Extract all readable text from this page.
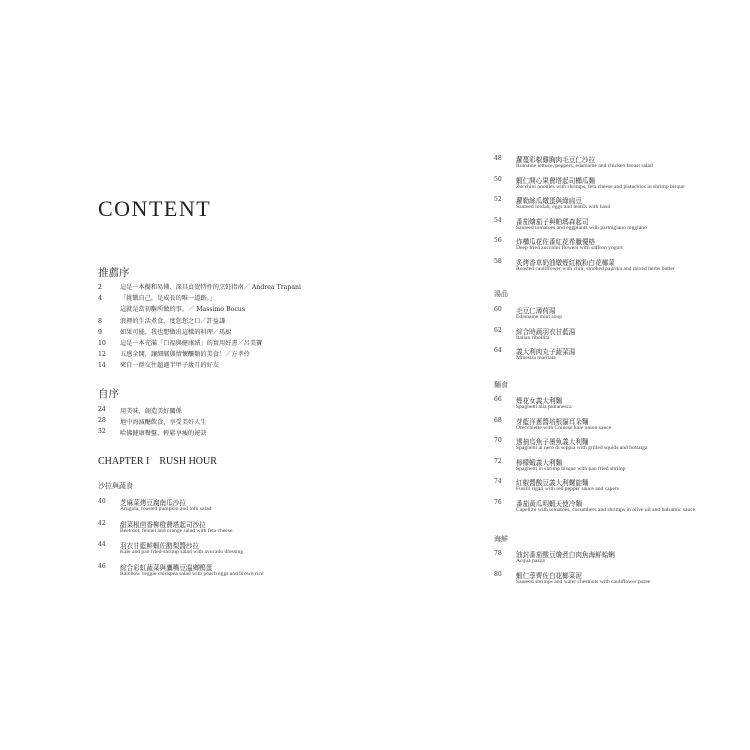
CONTENT
推薦序
2	這是一本擬和易懂、深具貞覺特性的烹飪指南／ Andrea Trapani
4	「挑戰自己，是成長的唯一道路。」
這就是當初驅所做的事。／ Massimo Bocus
8	浪裡的生活煮食，度您您之口／許益謙
9	如果可能，我也想做出這樣的料理／馬厨
10	這是一本充滿「口福與健康結」的實用好書／呂美寶
12	五感全開，讓細膩與情懷釀類的美食！／方孝伶
14	來自一群交往超過半甲子歲月的好友
自序
24 用美味，創造美好關係
28 地中海減醣飲食，享受美好人生
32 哈佛健康餐盤，輕鬆享瘦的祕訣
CHAPTER I    RUSH HOUR
沙拉與蔬食
40 芝麻菜烤豆腐南瓜沙拉
Arugula, roasted pumpkin and tofu salad
42 甜菜根茴香柳橙費塔起司沙拉
Beetroot, fennel and orange salad with feta cheese
44 羽衣甘藍鮮蝦佐酪梨醬沙拉
Kale and pan fried-shrimp salad with avocado dressing
46 綜合彩虹蔬菜與鷹嘴豆溫鄉鴨蛋
Rainbow veggie chickpea salad with poach eggs and brown rice
48 蘿蔓彩椒雞胸肉毛豆仁沙拉
Romaine lettuce, peppers, edamame and chicken breast salad
50 蝦仁開心果費塔起司櫛瓜麵
Zucchini noodles with shrimps, feta cheese and pistachios in shrimp bisque
52 蘿勒絲瓜燉蛋與綠扁豆
Sauteed loofah, eggs and lentils with basil
54 番茄燴茄子與帕瑪森起司
Sauteed tomatoes and eggplants with parmigiano reggiano
56 炸櫛瓜花佐番紅花希臘優格
Deep fried zucchini flowers with saffron yogurt
58 炙烤香草奶油燉煙紅椒粉白花椰菜
Roasted cauliflower with chili, smoked paprika and mixed herbs butter
湯品
60 毛豆仁薄荷湯
Edamame mint soup
62 綜合時蔬羽衣甘藍湯
Italian ribollita
64 義大利肉丸子蔬菜湯
Minestra maritata
麵食
66 煙花女義大利麵
Spaghetti alla puttanesca
68 芽藍洋蔥醬培根貓耳朵麵
Orecchiette with Chinese kale onion sauce
70 透抽烏魚子墨魚義大利麵
Spaghetti al nero di seppia with grilled squids and bottarga
72 檸檬蝦義大利麵
Spaghetti in shrimp bisque with pan fried shrimp
74 紅椒醬酸豆義大利螺旋麵
Fusilli rigati with red pepper sauce and capers
76 番茄黃瓜明蝦天使冷麵
Capellini with tomatoes, cucumbers and shrimps in olive oil and balsamic sauce
海鮮
78 油封番茄酸豆燴煮白肉魚海鮮蛤蜊
Acqua pazza
80 蝦仁荸薺佐白花椰菜泥
Sauteed shrimps and water chestnuts with cauliflower puree
